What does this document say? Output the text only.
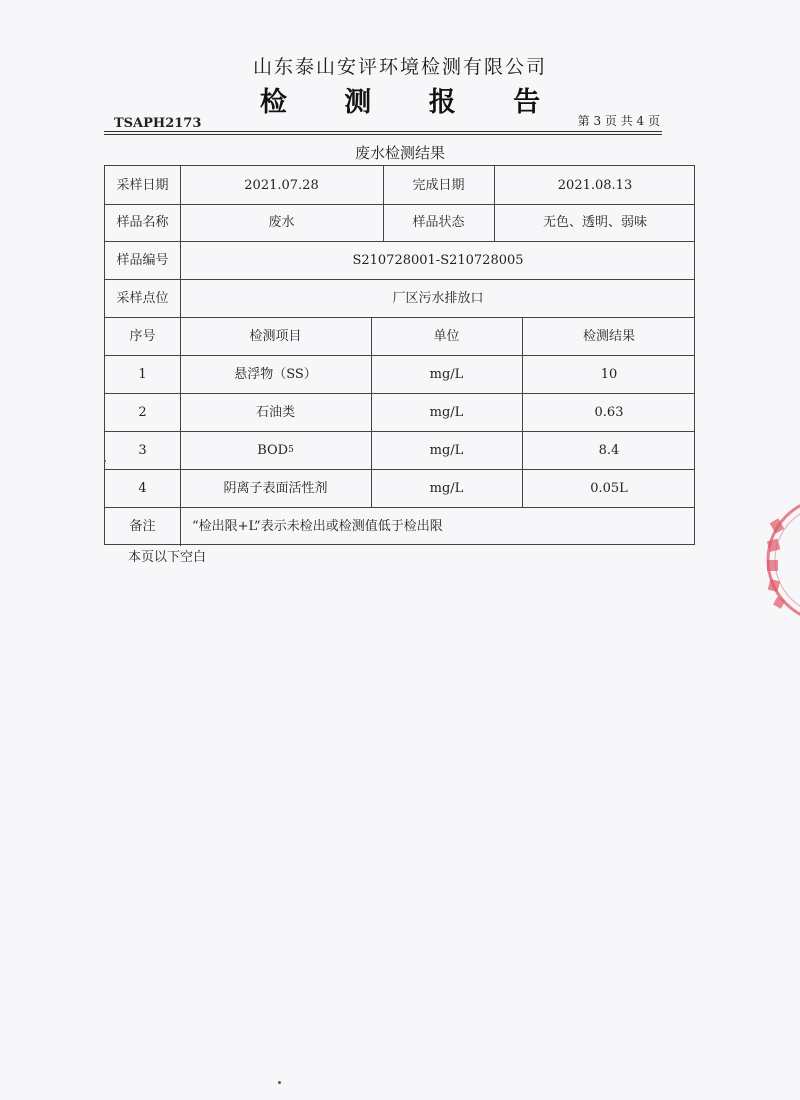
山东泰山安评环境检测有限公司
检 测 报 告
TSAPH2173	第 3 页 共 4 页
废水检测结果
采样日期	2021.07.28	完成日期	2021.08.13
样品名称	废水	样品状态	无色、透明、弱味
样品编号	S210728001-S210728005
采样点位	厂区污水排放口
序号	检测项目	单位	检测结果
1	悬浮物（SS）	mg/L	10
2	石油类	mg/L	0.63
3	BOD 5	mg/L	8.4
4	阴离子表面活性剂	mg/L	0.05L
备注	“检出限+L”表示未检出或检测值低于检出限
本页以下空白
